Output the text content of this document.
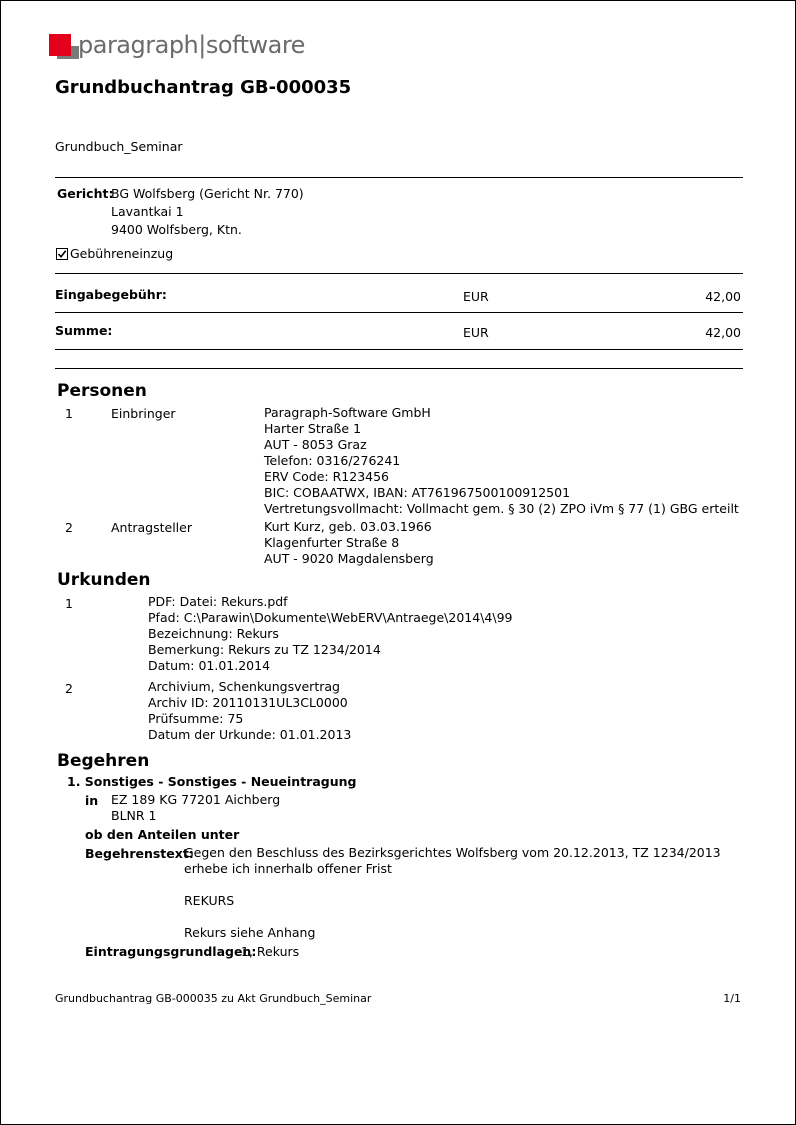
paragraph|software
Grundbuchantrag GB-000035
Grundbuch_Seminar
Gericht:
BG Wolfsberg (Gericht Nr. 770)
Lavantkai 1
9400 Wolfsberg, Ktn.
Gebühreneinzug
Eingabegebühr:	EUR	42,00
Summe:	EUR	42,00
Personen
1	Einbringer	Paragraph-Software GmbH
Harter Straße 1
AUT - 8053 Graz
Telefon: 0316/276241
ERV Code: R123456
BIC: COBAATWX, IBAN: AT761967500100912501
Vertretungsvollmacht: Vollmacht gem. § 30 (2) ZPO iVm § 77 (1) GBG erteilt
2	Antragsteller	Kurt Kurz, geb. 03.03.1966
Klagenfurter Straße 8
AUT - 9020 Magdalensberg
Urkunden
1	PDF: Datei: Rekurs.pdf
Pfad: C:\Parawin\Dokumente\WebERV\Antraege\2014\4\99
Bezeichnung: Rekurs
Bemerkung: Rekurs zu TZ 1234/2014
Datum: 01.01.2014
2	Archivium, Schenkungsvertrag
Archiv ID: 20110131UL3CL0000
Prüfsumme: 75
Datum der Urkunde: 01.01.2013
Begehren
1. Sonstiges - Sonstiges - Neueintragung
in EZ 189 KG 77201 Aichberg
BLNR 1
ob den Anteilen unter
Begehrenstext:
Gegen den Beschluss des Bezirksgerichtes Wolfsberg vom 20.12.2013, TZ 1234/2013
erhebe ich innerhalb offener Frist
REKURS
Rekurs siehe Anhang
Eintragungsgrundlagen:
1, Rekurs
Grundbuchantrag GB-000035 zu Akt Grundbuch_Seminar	1/1
